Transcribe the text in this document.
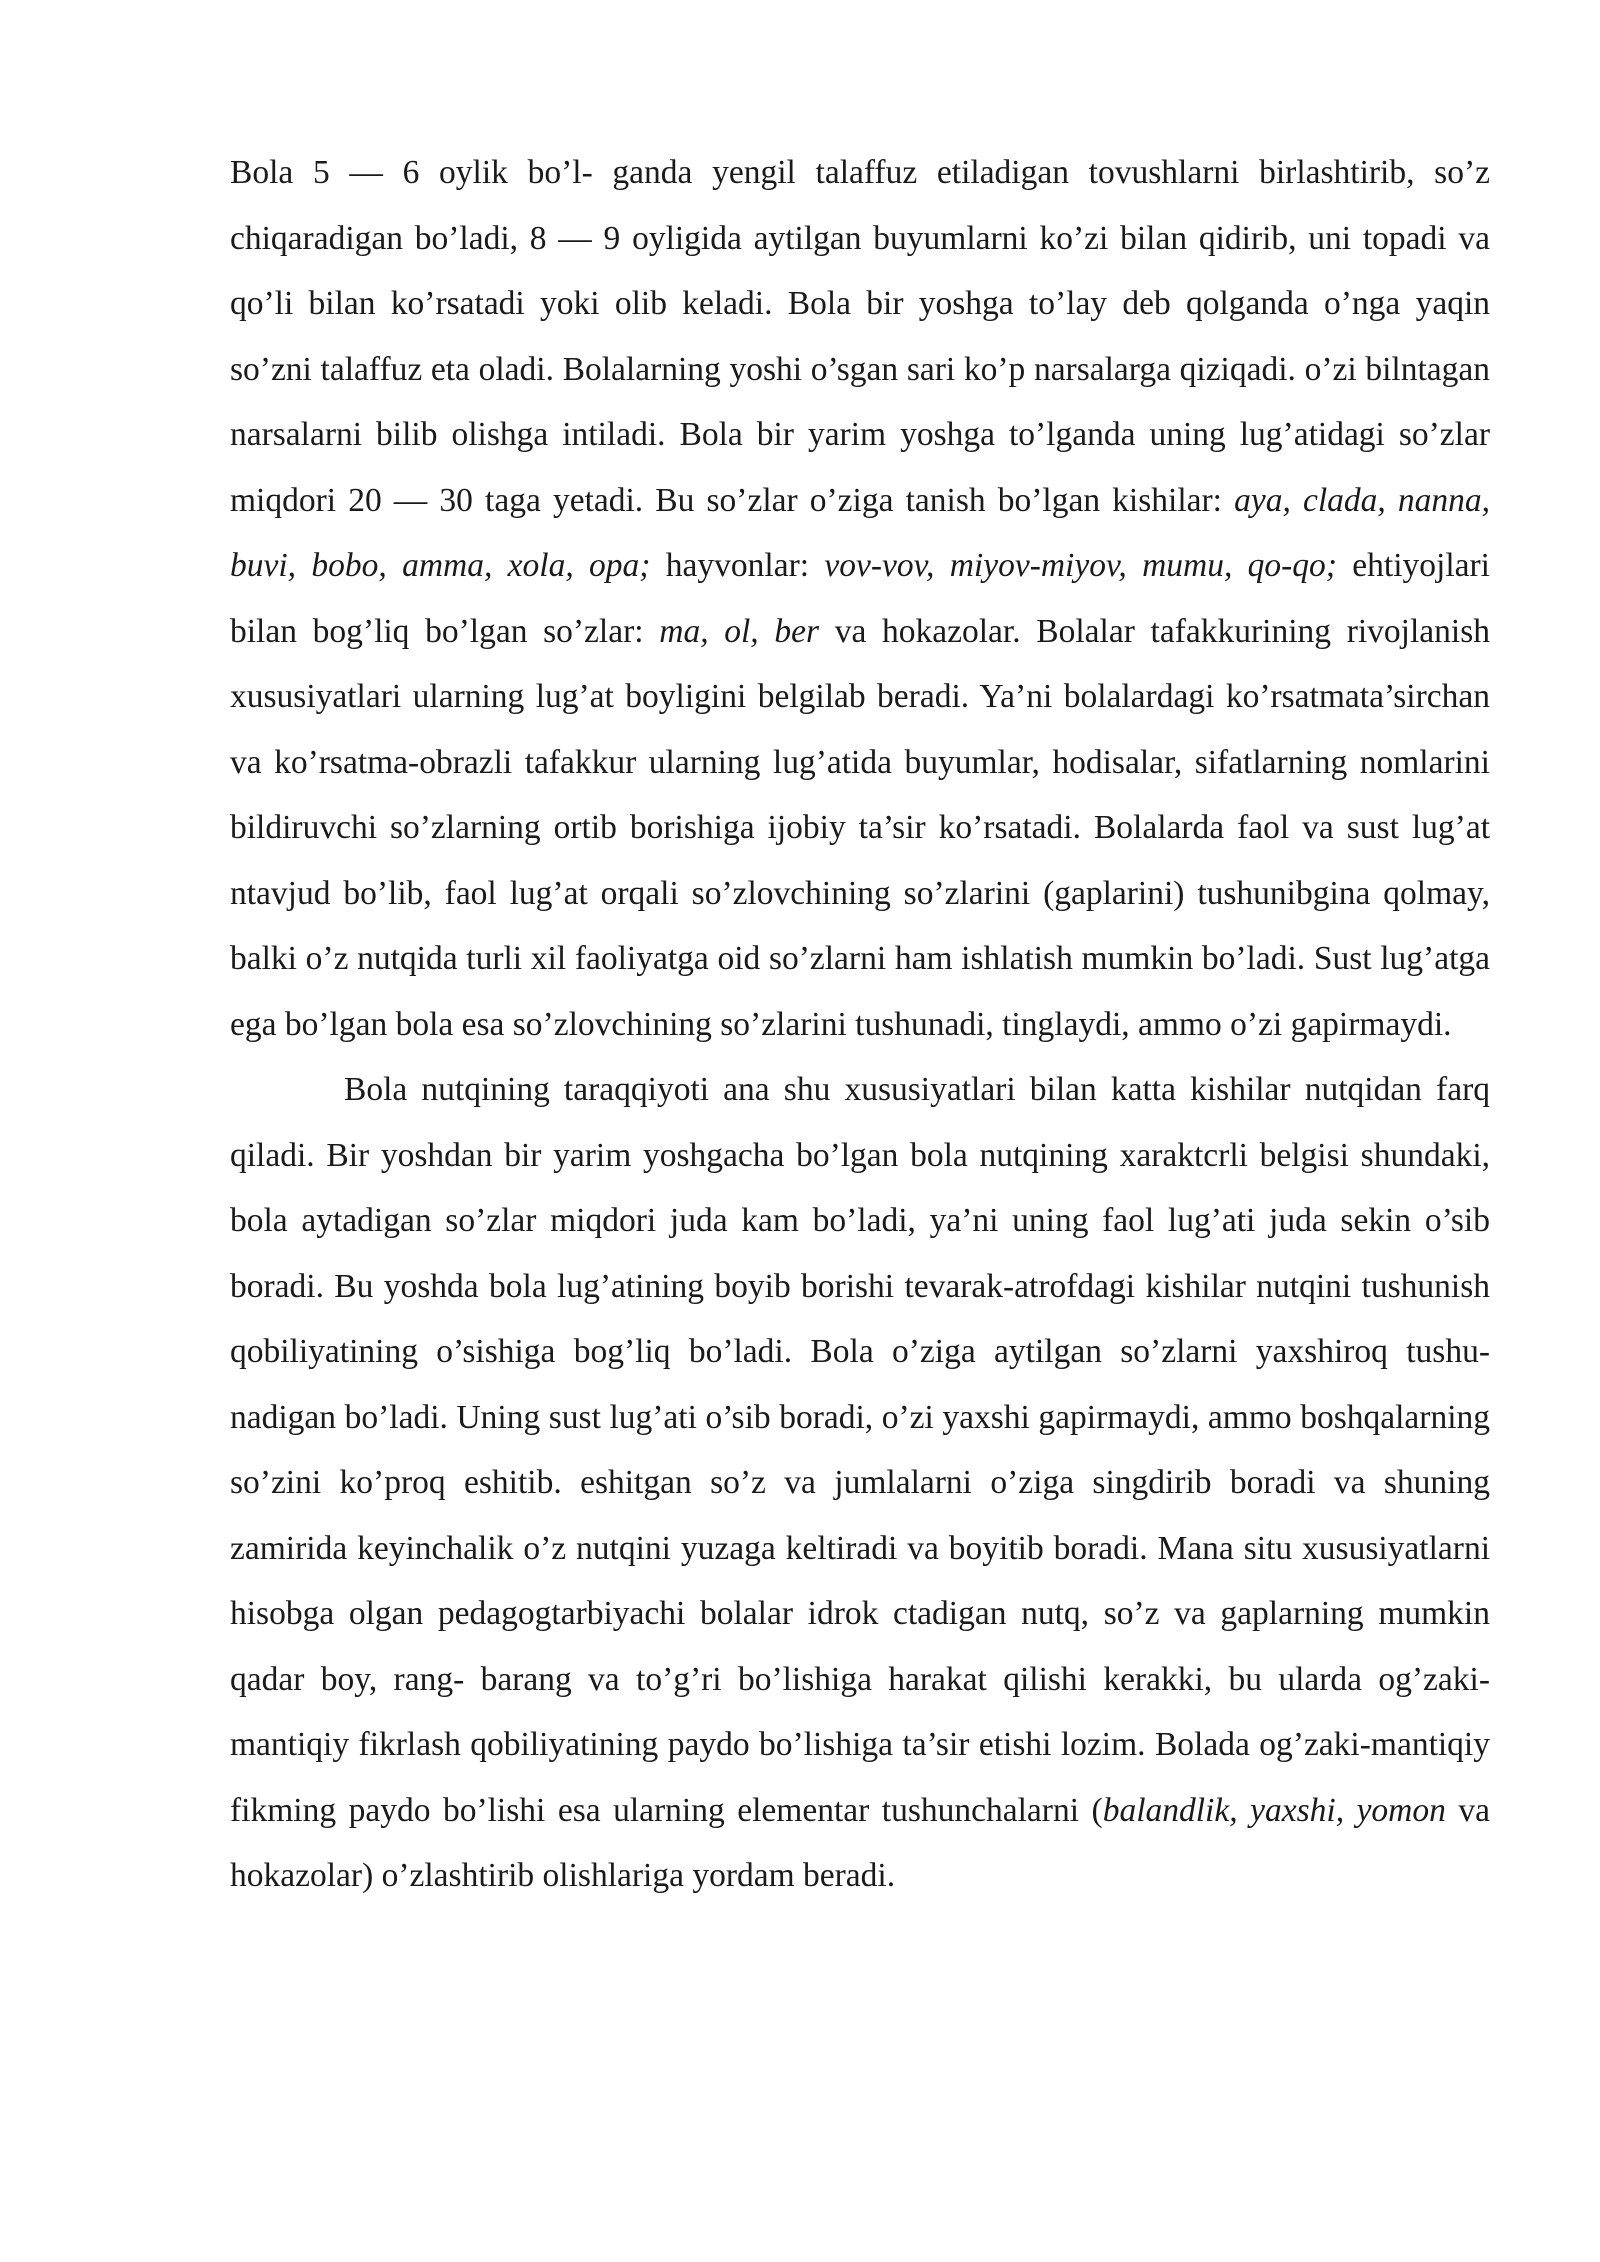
Bola 5 — 6 oylik bo’l- ganda yengil talaffuz etiladigan tovushlarni birlashtirib, so’z chiqaradigan bo’ladi, 8 — 9 oyligida aytilgan buyumlarni ko’zi bilan qidirib, uni topadi va qo’li bilan ko’rsatadi yoki olib keladi. Bola bir yoshga to’lay deb qolganda o’nga yaqin so’zni talaffuz eta oladi. Bolalarning yoshi o’sgan sari ko’p narsalarga qiziqadi. o’zi bilntagan narsalarni bilib olishga intiladi. Bola bir yarim yoshga to’lganda uning lug’atidagi so’zlar miqdori 20 — 30 taga yetadi. Bu so’zlar o’ziga tanish bo’lgan kishilar: aya, clada, nanna, buvi, bobo, amma, xola, opa; hayvonlar: vov-vov, miyov-miyov, mumu, qo-qo; ehtiyojlari bilan bog’liq bo’lgan so’zlar: ma, ol, ber va hokazolar. Bolalar tafakkurining rivojlanish xususiyatlari ularning lug’at boyligini belgilab beradi. Ya’ni bolalardagi ko’rsatmata’sirchan va ko’rsatma-obrazli tafakkur ularning lug’atida buyumlar, hodisalar, sifatlarning nomlarini bildiruvchi so’zlarning ortib borishiga ijobiy ta’sir ko’rsatadi. Bolalarda faol va sust lug’at ntavjud bo’lib, faol lug’at orqali so’zlovchining so’zlarini (gaplarini) tushunibgina qolmay, balki o’z nutqida turli xil faoliyatga oid so’zlarni ham ishlatish mumkin bo’ladi. Sust lug’atga ega bo’lgan bola esa so’zlovchining so’zlarini tushunadi, tinglaydi, ammo o’zi gapirmaydi.

Bola nutqining taraqqiyoti ana shu xususiyatlari bilan katta kishilar nutqidan farq qiladi. Bir yoshdan bir yarim yoshgacha bo’lgan bola nutqining xaraktcrli belgisi shundaki, bola aytadigan so’zlar miqdori juda kam bo’ladi, ya’ni uning faol lug’ati juda sekin o’sib boradi. Bu yoshda bola lug’atining boyib borishi tevarak-atrofdagi kishilar nutqini tushunish qobiliyatining o’sishiga bog’liq bo’ladi. Bola o’ziga aytilgan so’zlarni yaxshiroq tushu- nadigan bo’ladi. Uning sust lug’ati o’sib boradi, o’zi yaxshi gapirmaydi, ammo boshqalarning so’zini ko’proq eshitib. eshitgan so’z va jumlalarni o’ziga singdirib boradi va shuning zamirida keyinchalik o’z nutqini yuzaga keltiradi va boyitib boradi. Mana situ xususiyatlarni hisobga olgan pedagogtarbiyachi bolalar idrok ctadigan nutq, so’z va gaplarning mumkin qadar boy, rang- barang va to’g’ri bo’lishiga harakat qilishi kerakki, bu ularda og’zaki-mantiqiy fikrlash qobiliyatining paydo bo’lishiga ta’sir etishi lozim. Bolada og’zaki-mantiqiy fikming paydo bo’lishi esa ularning elementar tushunchalarni (balandlik, yaxshi, yomon va hokazolar) o’zlashtirib olishlariga yordam beradi.
